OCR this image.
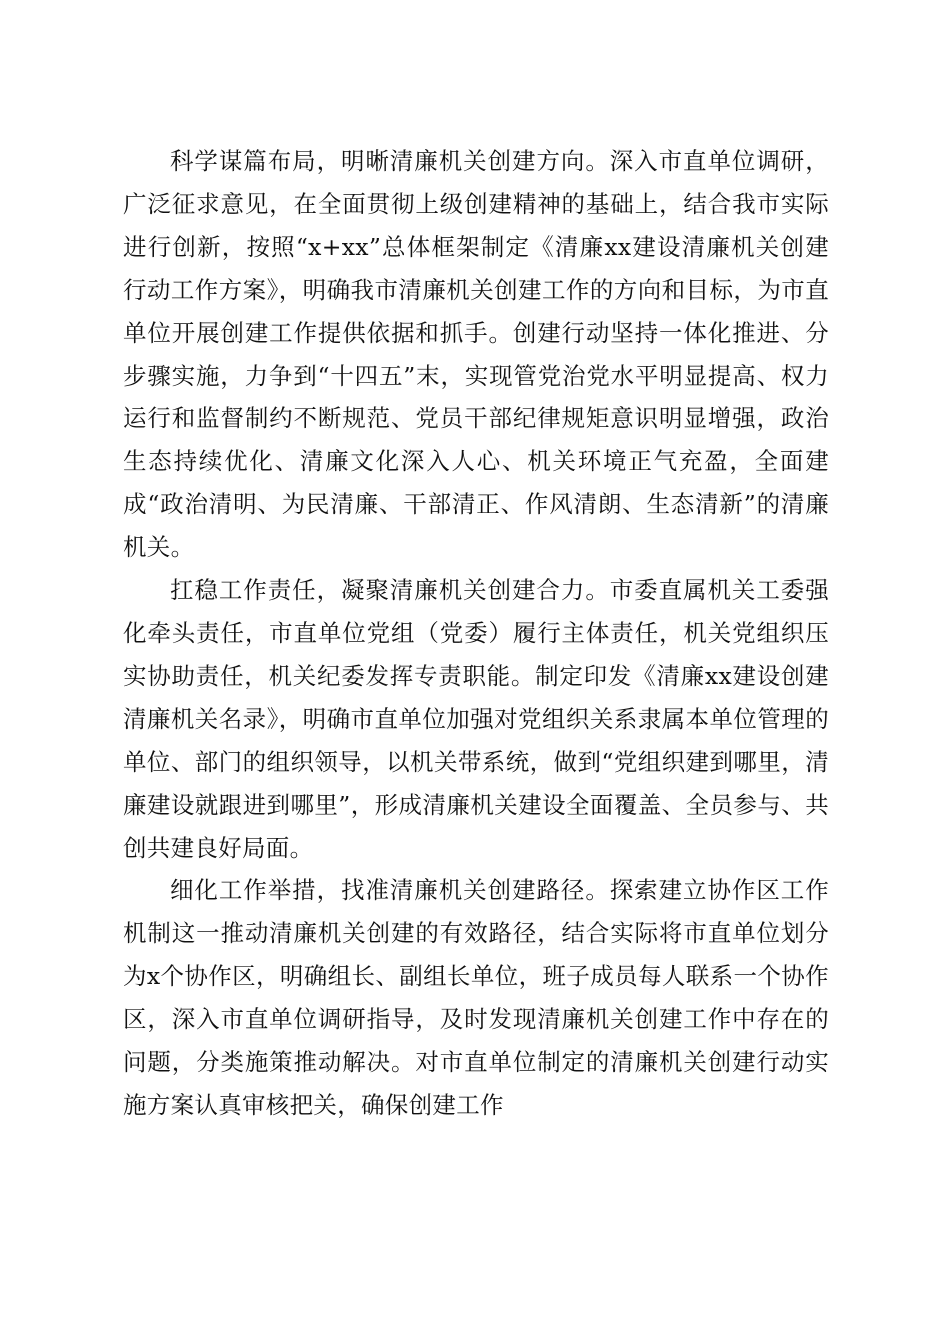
科学谋篇布局，明晰清廉机关创建方向。深入市直单位调研，广泛征求意见，在全面贯彻上级创建精神的基础上，结合我市实际进行创新，按照“x+xx”总体框架制定《清廉xx建设清廉机关创建行动工作方案》，明确我市清廉机关创建工作的方向和目标，为市直单位开展创建工作提供依据和抓手。创建行动坚持一体化推进、分步骤实施，力争到“十四五”末，实现管党治党水平明显提高、权力运行和监督制约不断规范、党员干部纪律规矩意识明显增强，政治生态持续优化、清廉文化深入人心、机关环境正气充盈，全面建成“政治清明、为民清廉、干部清正、作风清朗、生态清新”的清廉机关。

扛稳工作责任，凝聚清廉机关创建合力。市委直属机关工委强化牵头责任，市直单位党组（党委）履行主体责任，机关党组织压实协助责任，机关纪委发挥专责职能。制定印发《清廉xx建设创建清廉机关名录》，明确市直单位加强对党组织关系隶属本单位管理的单位、部门的组织领导，以机关带系统，做到“党组织建到哪里，清廉建设就跟进到哪里”，形成清廉机关建设全面覆盖、全员参与、共创共建良好局面。

细化工作举措，找准清廉机关创建路径。探索建立协作区工作机制这一推动清廉机关创建的有效路径，结合实际将市直单位划分为x个协作区，明确组长、副组长单位，班子成员每人联系一个协作区，深入市直单位调研指导，及时发现清廉机关创建工作中存在的问题，分类施策推动解决。对市直单位制定的清廉机关创建行动实施方案认真审核把关，确保创建工作
